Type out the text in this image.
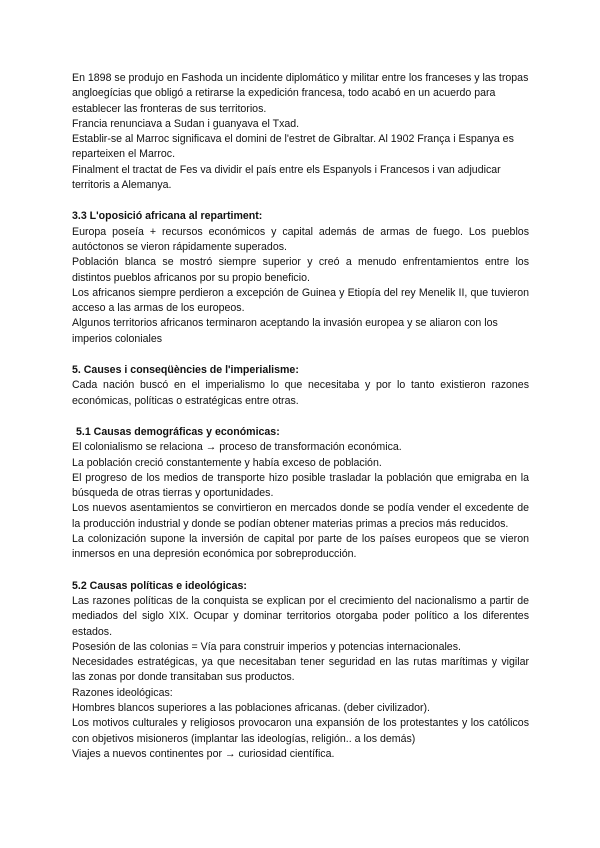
En 1898 se produjo en Fashoda un incidente diplomático y militar entre los franceses y las tropas angloegícias que obligó a retirarse la expedición francesa, todo acabó en un acuerdo para establecer las fronteras de sus territorios.

Francia renunciava a Sudan i guanyava el Txad.

Establir-se al Marroc significava el domini de l'estret de Gibraltar. Al 1902 França i Espanya es reparteixen el Marroc.

Finalment el tractat de Fes va dividir el país entre els Espanyols i Francesos i van adjudicar territoris a Alemanya.

3.3 L'oposició africana al repartiment:

Europa poseía + recursos económicos y capital además de armas de fuego. Los pueblos autóctonos se vieron rápidamente superados.

Población blanca se mostró siempre superior y creó a menudo enfrentamientos entre los distintos pueblos africanos por su propio beneficio.

Los africanos siempre perdieron a excepción de Guinea y Etiopía del rey Menelik II, que tuvieron acceso a las armas de los europeos.

Algunos territorios africanos terminaron aceptando la invasión europea y se aliaron con los imperios coloniales

5. Causes i conseqüències de l'imperialisme:

Cada nación buscó en el imperialismo lo que necesitaba y por lo tanto existieron razones económicas, políticas o estratégicas entre otras.

5.1 Causas demográficas y económicas:

El colonialismo se relaciona → proceso de transformación económica.

La población creció constantemente y había exceso de población.

El progreso de los medios de transporte hizo posible trasladar la población que emigraba en la búsqueda de otras tierras y oportunidades.

Los nuevos asentamientos se convirtieron en mercados donde se podía vender el excedente de la producción industrial y donde se podían obtener materias primas a precios más reducidos.

La colonización supone la inversión de capital por parte de los países europeos que se vieron inmersos en una depresión económica por sobreproducción.

5.2 Causas políticas e ideológicas:

Las razones políticas de la conquista se explican por el crecimiento del nacionalismo a partir de mediados del siglo XIX. Ocupar y dominar territorios otorgaba poder político a los diferentes estados.

Posesión de las colonias = Vía para construir imperios y potencias internacionales.

Necesidades estratégicas, ya que necesitaban tener seguridad en las rutas marítimas y vigilar las zonas por donde transitaban sus productos.

Razones ideológicas:

Hombres blancos superiores a las poblaciones africanas. (deber civilizador).

Los motivos culturales y religiosos provocaron una expansión de los protestantes y los católicos con objetivos misioneros (implantar las ideologías, religión.. a los demás)

Viajes a nuevos continentes por → curiosidad científica.
